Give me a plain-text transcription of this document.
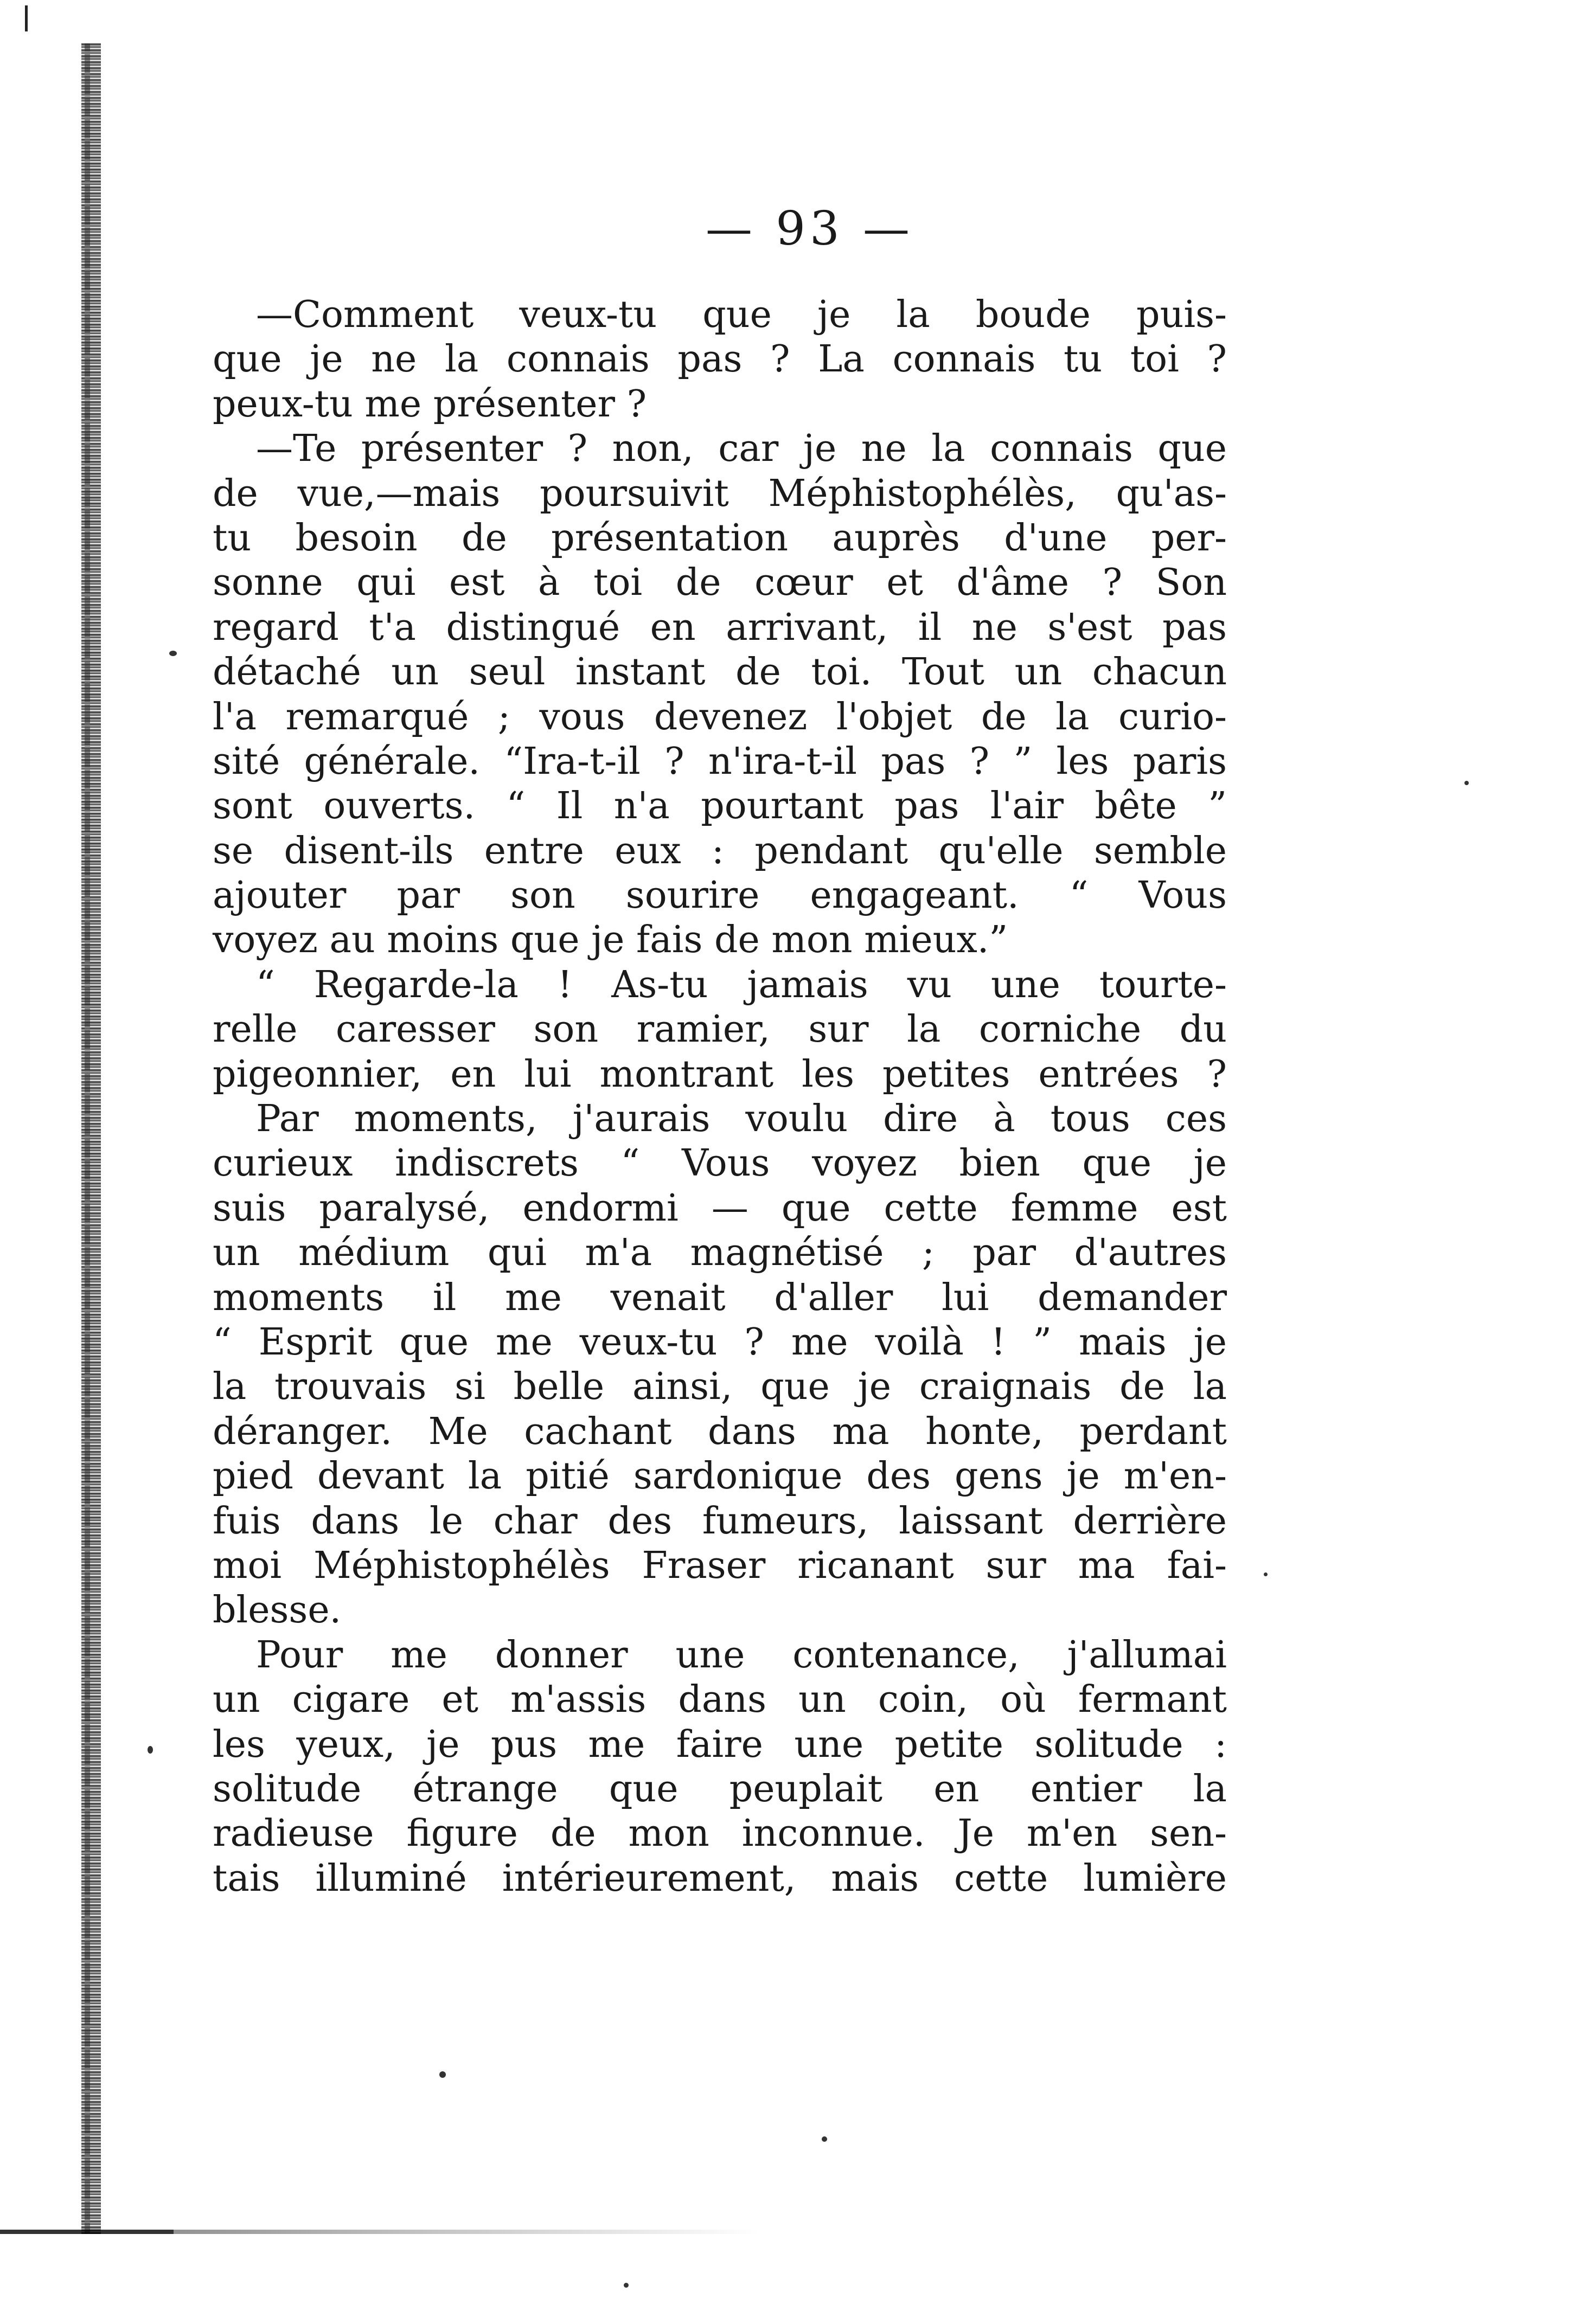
— 93 —
—Comment veux-tu que je la boude puis-
que je ne la connais pas ? La connais tu toi ?
peux-tu me présenter ?
—Te présenter ? non, car je ne la connais que
de vue,—mais poursuivit Méphistophélès, qu'as-
tu besoin de présentation auprès d'une per-
sonne qui est à toi de cœur et d'âme ? Son
regard t'a distingué en arrivant, il ne s'est pas
détaché un seul instant de toi. Tout un chacun
l'a remarqué ; vous devenez l'objet de la curio-
sité générale. “Ira-t-il ? n'ira-t-il pas ? ” les paris
sont ouverts. “ Il n'a pourtant pas l'air bête ”
se disent-ils entre eux : pendant qu'elle semble
ajouter par son sourire engageant. “ Vous
voyez au moins que je fais de mon mieux.”
“ Regarde-la ! As-tu jamais vu une tourte-
relle caresser son ramier, sur la corniche du
pigeonnier, en lui montrant les petites entrées ?
Par moments, j'aurais voulu dire à tous ces
curieux indiscrets “ Vous voyez bien que je
suis paralysé, endormi — que cette femme est
un médium qui m'a magnétisé ; par d'autres
moments il me venait d'aller lui demander
“ Esprit que me veux-tu ? me voilà ! ” mais je
la trouvais si belle ainsi, que je craignais de la
déranger. Me cachant dans ma honte, perdant
pied devant la pitié sardonique des gens je m'en-
fuis dans le char des fumeurs, laissant derrière
moi Méphistophélès Fraser ricanant sur ma fai-
blesse.
Pour me donner une contenance, j'allumai
un cigare et m'assis dans un coin, où fermant
les yeux, je pus me faire une petite solitude :
solitude étrange que peuplait en entier la
radieuse figure de mon inconnue. Je m'en sen-
tais illuminé intérieurement, mais cette lumière
